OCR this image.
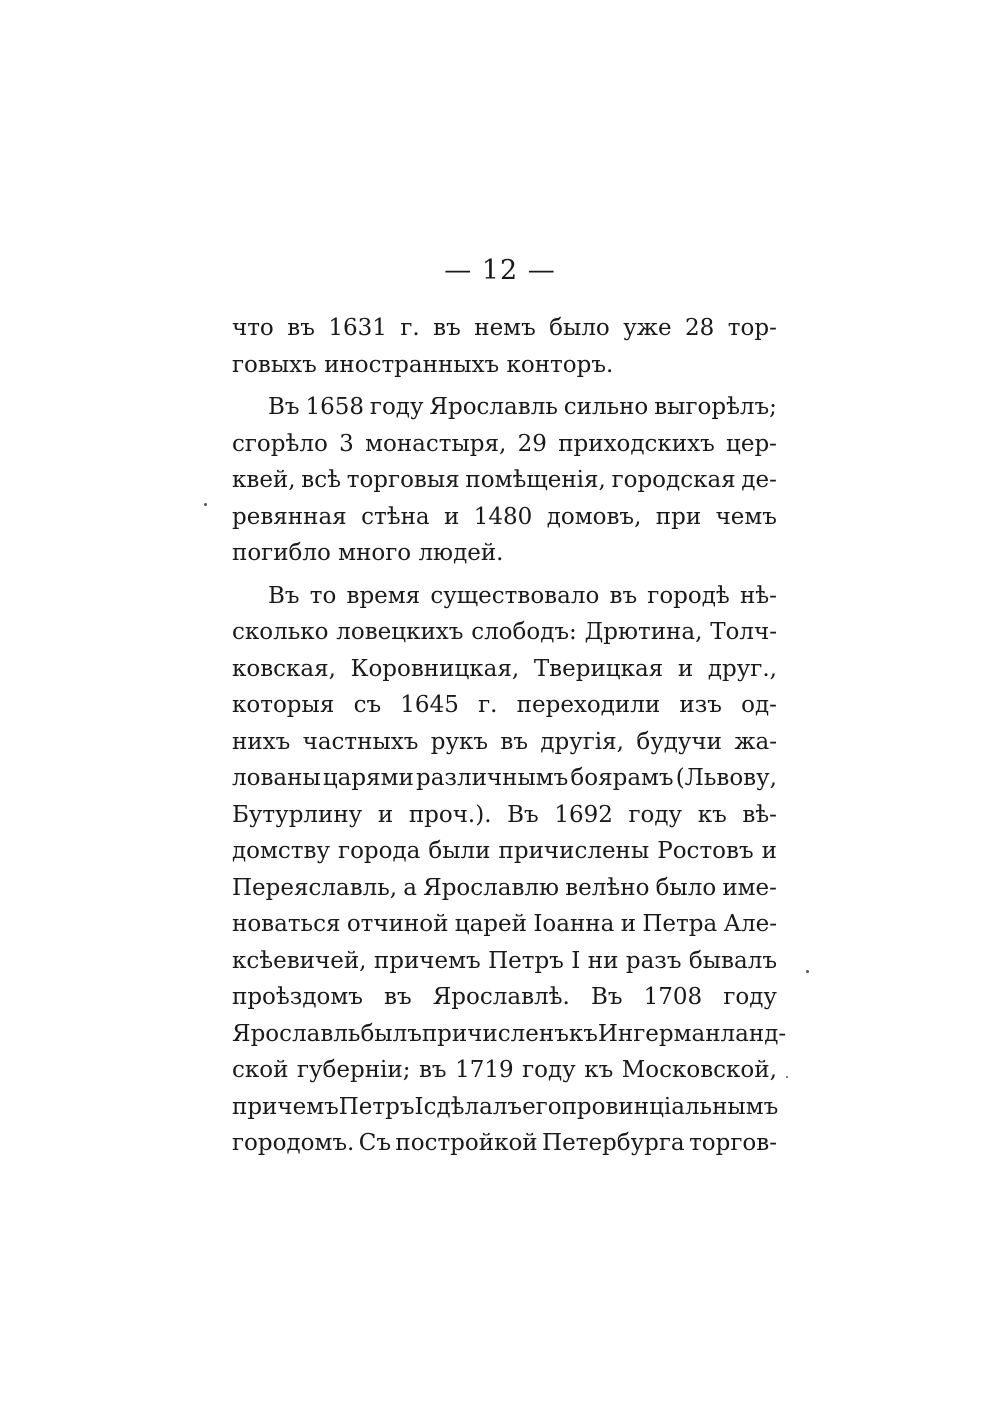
— 12 —
что въ 1631 г. въ немъ было уже 28 тор-
говыхъ иностранныхъ конторъ.
Въ 1658 году Ярославль сильно выгорѣлъ;
сгорѣло 3 монастыря, 29 приходскихъ цер-
квей, всѣ торговыя помѣщенія, городская де-
ревянная стѣна и 1480 домовъ, при чемъ
погибло много людей.
Въ то время существовало въ городѣ нѣ-
сколько ловецкихъ слободъ: Дрютина, Толч-
ковская, Коровницкая, Тверицкая и друг.,
которыя съ 1645 г. переходили изъ од-
нихъ частныхъ рукъ въ другія, будучи жа-
лованы царями различнымъ боярамъ (Львову,
Бутурлину и проч.). Въ 1692 году къ вѣ-
домству города были причислены Ростовъ и
Переяславль, а Ярославлю велѣно было име-
новаться отчиной царей Іоанна и Петра Але-
ксѣевичей, причемъ Петръ I ни разъ бывалъ
проѣздомъ въ Ярославлѣ. Въ 1708 году
Ярославль былъ причисленъ къ Ингерманланд-
ской губерніи; въ 1719 году къ Московской,
причемъ Петръ I сдѣлалъ его провинціальнымъ
городомъ. Съ постройкой Петербурга торгов-
